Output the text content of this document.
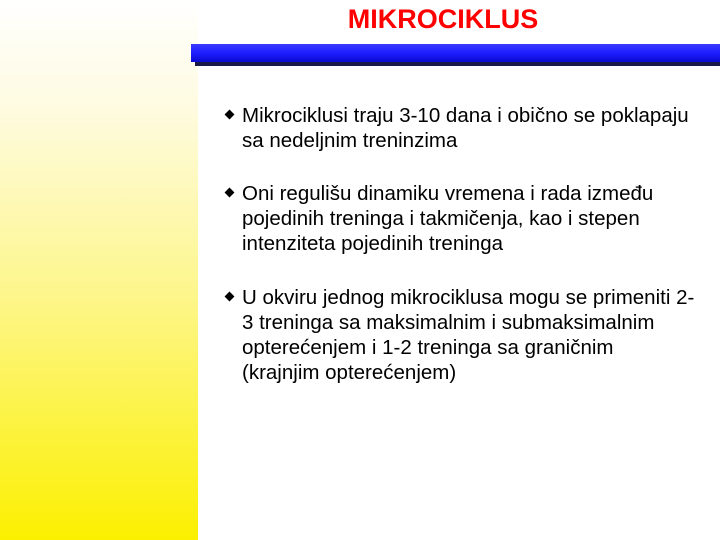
MIKROCIKLUS
Mikrociklusi traju 3-10 dana i obično se poklapaju sa nedeljnim treninzima
Oni regulišu dinamiku vremena i rada između pojedinih treninga i takmičenja, kao i stepen intenziteta pojedinih treninga
U okviru jednog mikrociklusa mogu se primeniti 2-3 treninga sa maksimalnim i submaksimalnim opterećenjem i 1-2 treninga sa graničnim (krajnjim opterećenjem)
